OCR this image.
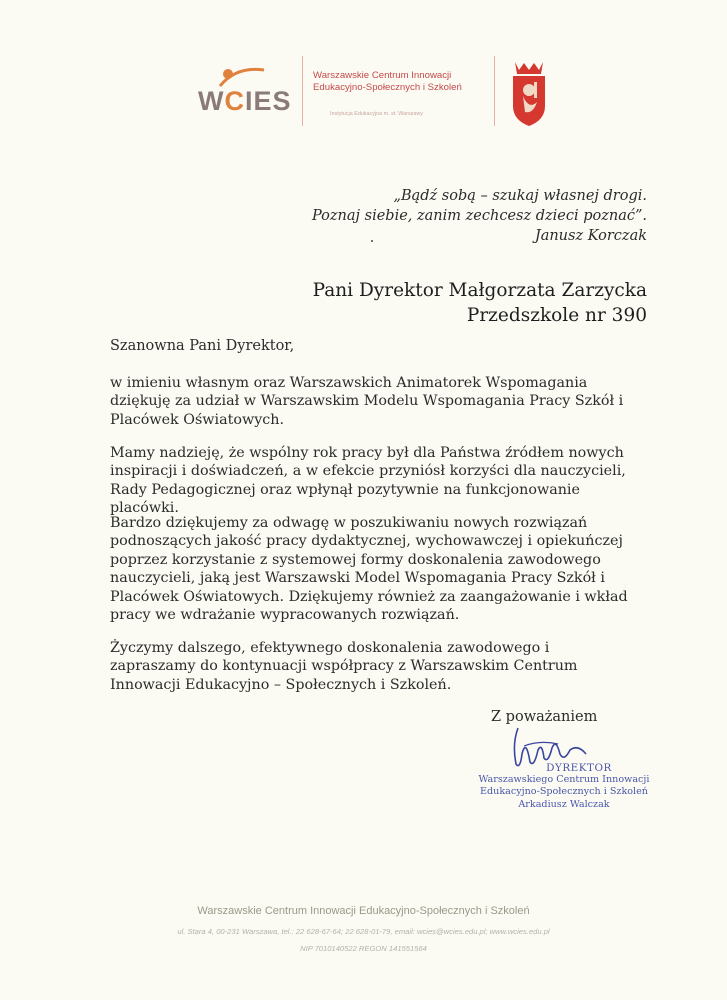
WCIES
Warszawskie Centrum Innowacji
Edukacyjno-Społecznych i Szkoleń
Instytucja Edukacyjna m. st. Warszawy
„Bądź sobą – szukaj własnej drogi.
Poznaj siebie, zanim zechcesz dzieci poznać”.
Janusz Korczak
Pani Dyrektor Małgorzata Zarzycka
Przedszkole nr 390
Szanowna Pani Dyrektor,
w imieniu własnym oraz Warszawskich Animatorek Wspomagania dziękuję za udział w Warszawskim Modelu Wspomagania Pracy Szkół i Placówek Oświatowych.
Mamy nadzieję, że wspólny rok pracy był dla Państwa źródłem nowych inspiracji i doświadczeń, a w efekcie przyniósł korzyści dla nauczycieli, Rady Pedagogicznej oraz wpłynął pozytywnie na funkcjonowanie placówki.
Bardzo dziękujemy za odwagę w poszukiwaniu nowych rozwiązań podnoszących jakość pracy dydaktycznej, wychowawczej i opiekuńczej poprzez korzystanie z systemowej formy doskonalenia zawodowego nauczycieli, jaką jest Warszawski Model Wspomagania Pracy Szkół i Placówek Oświatowych. Dziękujemy również za zaangażowanie i wkład pracy we wdrażanie wypracowanych rozwiązań.
Życzymy dalszego, efektywnego doskonalenia zawodowego i zapraszamy do kontynuacji współpracy z Warszawskim Centrum Innowacji Edukacyjno – Społecznych i Szkoleń.
Z poważaniem
DYREKTOR
Warszawskiego Centrum Innowacji
Edukacyjno-Społecznych i Szkoleń
Arkadiusz Walczak
Warszawskie Centrum Innowacji Edukacyjno-Społecznych i Szkoleń
ul. Stara 4, 00-231 Warszawa, tel.: 22 628-67-64; 22 628-01-79, email: wcies@wcies.edu.pl; www.wcies.edu.pl
NIP 7010140522 REGON 141551564
